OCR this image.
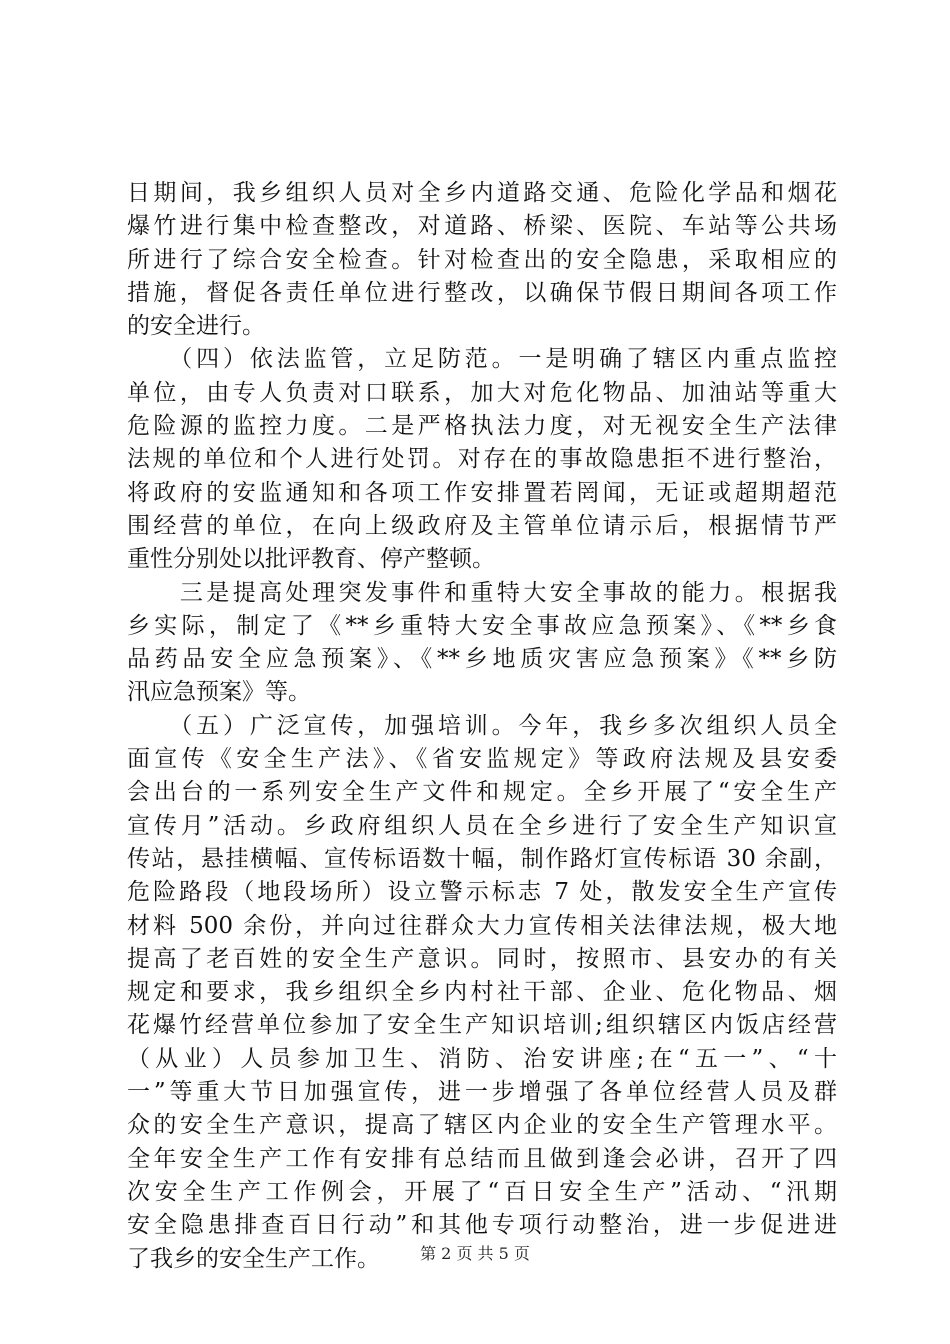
日期间，我乡组织人员对全乡内道路交通、危险化学品和烟花
爆竹进行集中检查整改，对道路、桥梁、医院、车站等公共场
所进行了综合安全检查。针对检查出的安全隐患，采取相应的
措施，督促各责任单位进行整改，以确保节假日期间各项工作
的安全进行。
　　（四）依法监管，立足防范。一是明确了辖区内重点监控
单位，由专人负责对口联系，加大对危化物品、加油站等重大
危险源的监控力度。二是严格执法力度，对无视安全生产法律
法规的单位和个人进行处罚。对存在的事故隐患拒不进行整治，
将政府的安监通知和各项工作安排置若罔闻，无证或超期超范
围经营的单位，在向上级政府及主管单位请示后，根据情节严
重性分别处以批评教育、停产整顿。
　　三是提高处理突发事件和重特大安全事故的能力。根据我
乡实际，制定了《**乡重特大安全事故应急预案》、《**乡食
品药品安全应急预案》、《**乡地质灾害应急预案》《**乡防
汛应急预案》等。
　　（五）广泛宣传，加强培训。今年，我乡多次组织人员全
面宣传《安全生产法》、《省安监规定》等政府法规及县安委
会出台的一系列安全生产文件和规定。全乡开展了“安全生产
宣传月”活动。乡政府组织人员在全乡进行了安全生产知识宣
传站，悬挂横幅、宣传标语数十幅，制作路灯宣传标语 30 余副，
危险路段（地段场所）设立警示标志 7 处，散发安全生产宣传
材料 500 余份，并向过往群众大力宣传相关法律法规，极大地
提高了老百姓的安全生产意识。同时，按照市、县安办的有关
规定和要求，我乡组织全乡内村社干部、企业、危化物品、烟
花爆竹经营单位参加了安全生产知识培训;组织辖区内饭店经营
（从业）人员参加卫生、消防、治安讲座;在“五一”、“十
一”等重大节日加强宣传，进一步增强了各单位经营人员及群
众的安全生产意识，提高了辖区内企业的安全生产管理水平。
全年安全生产工作有安排有总结而且做到逢会必讲，召开了四
次安全生产工作例会，开展了“百日安全生产”活动、“汛期
安全隐患排查百日行动”和其他专项行动整治，进一步促进进
了我乡的安全生产工作。	第 2 页 共 5 页
